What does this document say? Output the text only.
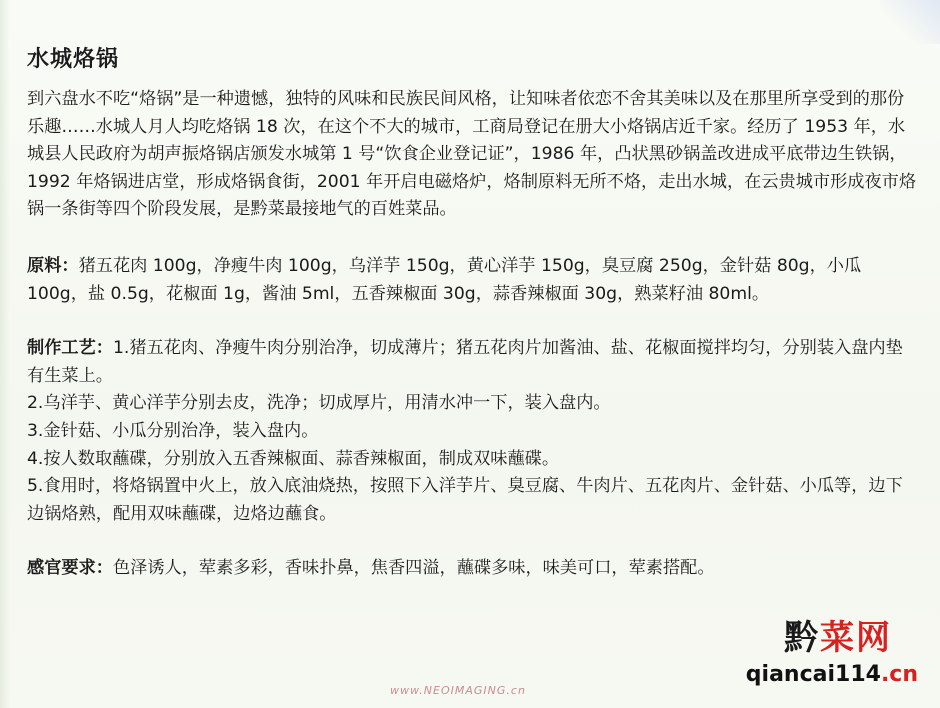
水城烙锅

到六盘水不吃“烙锅”是一种遗憾，独特的风味和民族民间风格，让知味者依恋不舍其美味以及在那里所享受到的那份乐趣……水城人月人均吃烙锅 18 次，在这个不大的城市，工商局登记在册大小烙锅店近千家。经历了 1953 年，水城县人民政府为胡声振烙锅店颁发水城第 1 号“饮食企业登记证”，1986 年，凸状黑砂锅盖改进成平底带边生铁锅，1992 年烙锅进店堂，形成烙锅食街，2001 年开启电磁烙炉，烙制原料无所不烙，走出水城，在云贵城市形成夜市烙锅一条街等四个阶段发展，是黔菜最接地气的百姓菜品。

原料：猪五花肉 100g，净瘦牛肉 100g，乌洋芋 150g，黄心洋芋 150g，臭豆腐 250g，金针菇 80g，小瓜 100g，盐 0.5g，花椒面 1g，酱油 5ml，五香辣椒面 30g，蒜香辣椒面 30g，熟菜籽油 80ml。

制作工艺：1.猪五花肉、净瘦牛肉分别治净，切成薄片；猪五花肉片加酱油、盐、花椒面搅拌均匀，分别装入盘内垫有生菜上。

2.乌洋芋、黄心洋芋分别去皮，洗净；切成厚片，用清水冲一下，装入盘内。

3.金针菇、小瓜分别治净，装入盘内。

4.按人数取蘸碟，分别放入五香辣椒面、蒜香辣椒面，制成双味蘸碟。

5.食用时，将烙锅置中火上，放入底油烧热，按照下入洋芋片、臭豆腐、牛肉片、五花肉片、金针菇、小瓜等，边下边锅烙熟，配用双味蘸碟，边烙边蘸食。

感官要求：色泽诱人，荤素多彩，香味扑鼻，焦香四溢，蘸碟多味，味美可口，荤素搭配。

黔菜网
qiancai114.cn
www.NEOIMAGING.cn
